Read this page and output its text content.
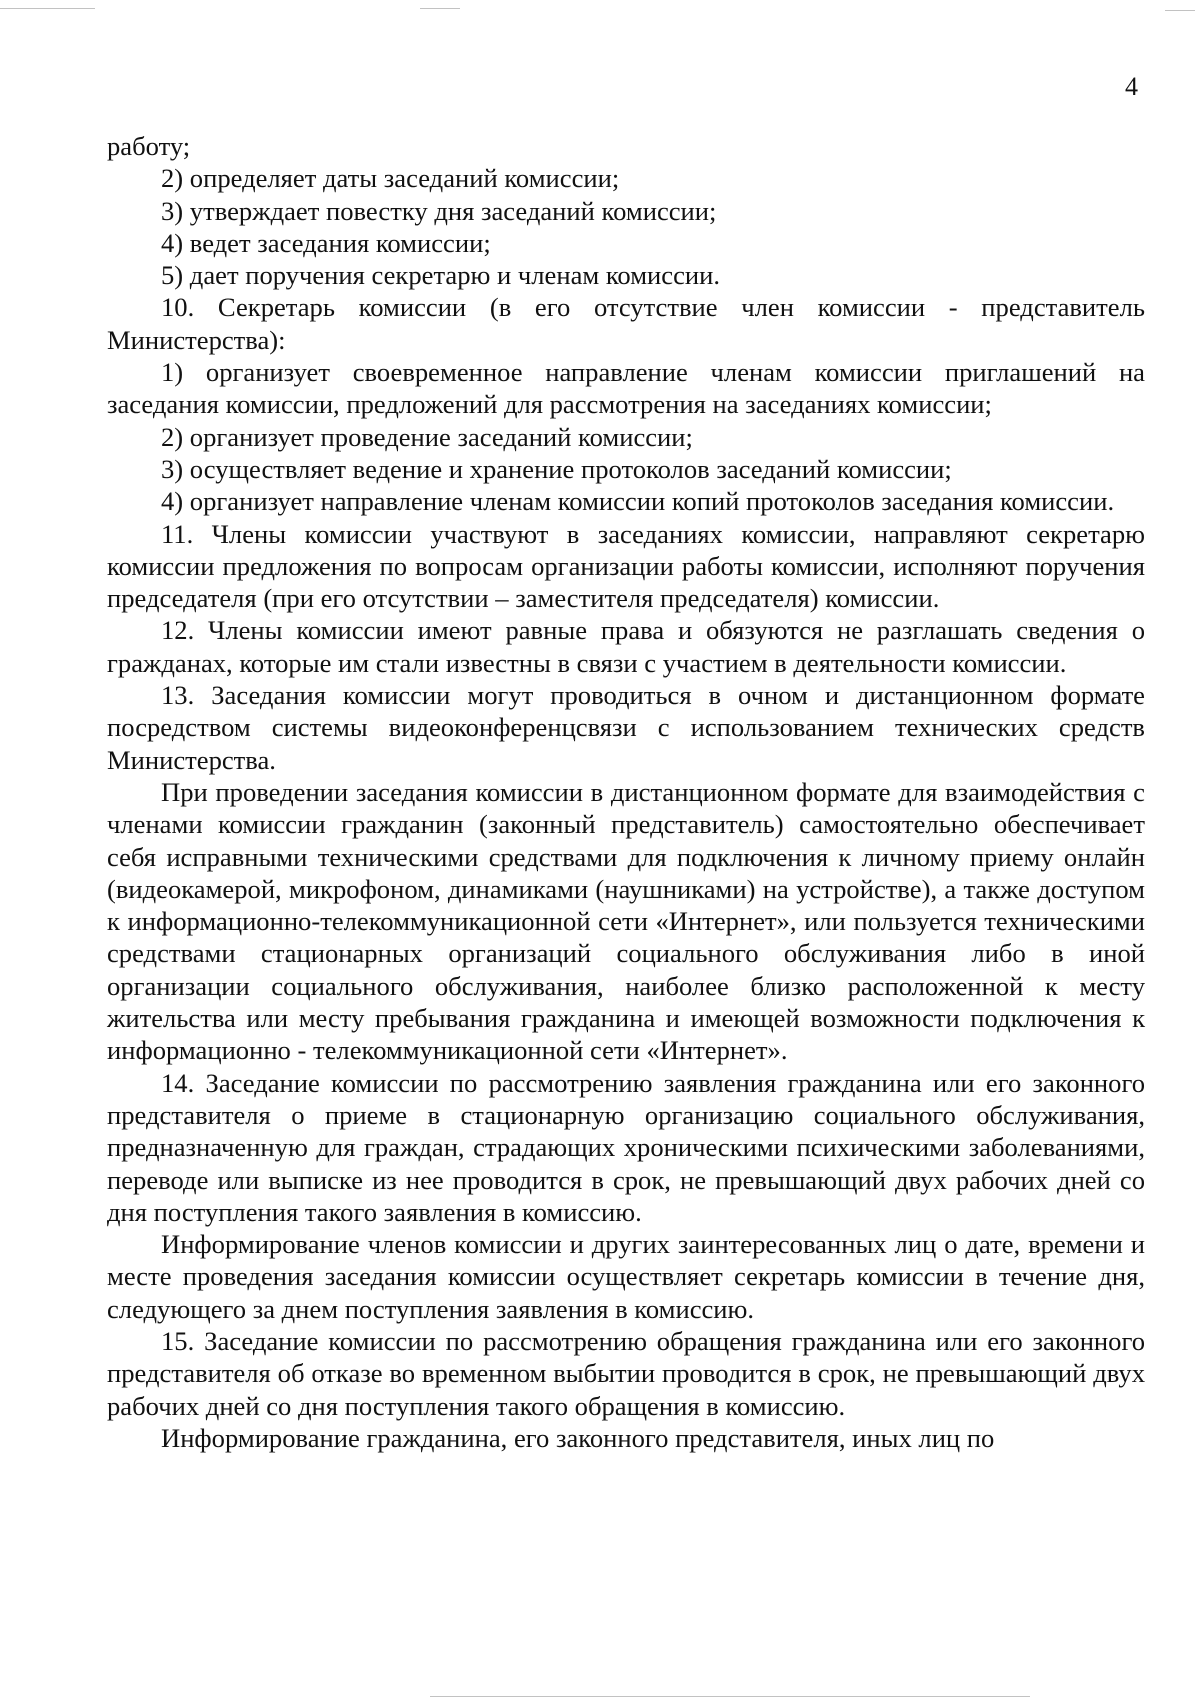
4

работу;

2) определяет даты заседаний комиссии;

3) утверждает повестку дня заседаний комиссии;

4) ведет заседания комиссии;

5) дает поручения секретарю и членам комиссии.

10. Секретарь комиссии (в его отсутствие член комиссии - представитель Министерства):

1) организует своевременное направление членам комиссии приглашений на заседания комиссии, предложений для рассмотрения на заседаниях комиссии;

2) организует проведение заседаний комиссии;

3) осуществляет ведение и хранение протоколов заседаний комиссии;

4) организует направление членам комиссии копий протоколов заседания комиссии.

11. Члены комиссии участвуют в заседаниях комиссии, направляют секретарю комиссии предложения по вопросам организации работы комиссии, исполняют поручения председателя (при его отсутствии – заместителя председателя) комиссии.

12. Члены комиссии имеют равные права и обязуются не разглашать сведения о гражданах, которые им стали известны в связи с участием в деятельности комиссии.

13. Заседания комиссии могут проводиться в очном и дистанционном формате посредством системы видеоконференцсвязи с использованием технических средств Министерства.

При проведении заседания комиссии в дистанционном формате для взаимодействия с членами комиссии гражданин (законный представитель) самостоятельно обеспечивает себя исправными техническими средствами для подключения к личному приему онлайн (видеокамерой, микрофоном, динамиками (наушниками) на устройстве), а также доступом к информационно-телекоммуникационной сети «Интернет», или пользуется техническими средствами стационарных организаций социального обслуживания либо в иной организации социального обслуживания, наиболее близко расположенной к месту жительства или месту пребывания гражданина и имеющей возможности подключения к информационно - телекоммуникационной сети «Интернет».

14. Заседание комиссии по рассмотрению заявления гражданина или его законного представителя о приеме в стационарную организацию социального обслуживания, предназначенную для граждан, страдающих хроническими психическими заболеваниями, переводе или выписке из нее проводится в срок, не превышающий двух рабочих дней со дня поступления такого заявления в комиссию.

Информирование членов комиссии и других заинтересованных лиц о дате, времени и месте проведения заседания комиссии осуществляет секретарь комиссии в течение дня, следующего за днем поступления заявления в комиссию.

15. Заседание комиссии по рассмотрению обращения гражданина или его законного представителя об отказе во временном выбытии проводится в срок, не превышающий двух рабочих дней со дня поступления такого обращения в комиссию.

Информирование гражданина, его законного представителя, иных лиц по
